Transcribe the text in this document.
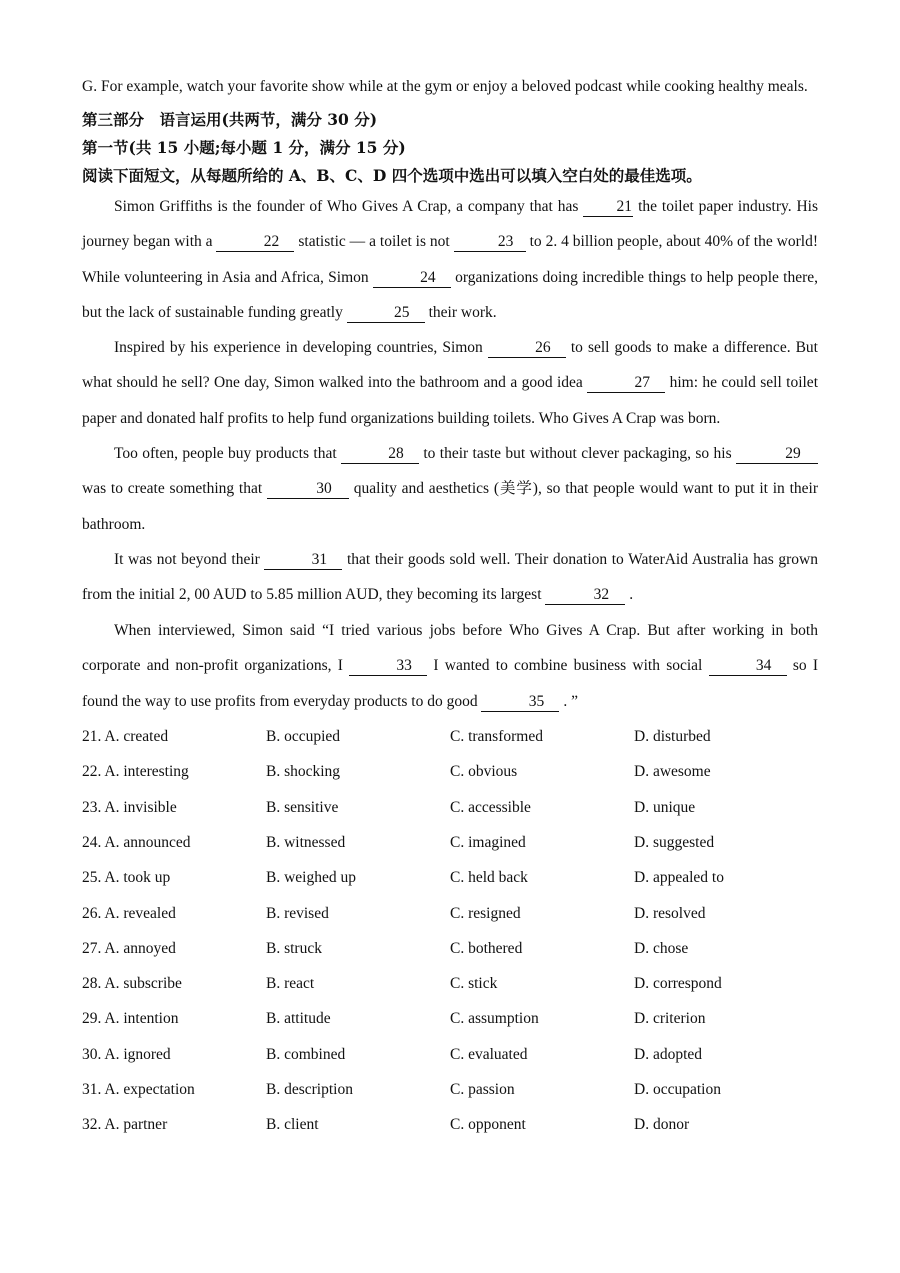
G. For example, watch your favorite show while at the gym or enjoy a beloved podcast while cooking healthy meals.
第三部分　语言运用(共两节，满分 30 分)
第一节(共 15 小题;每小题 1 分，满分 15 分)
阅读下面短文，从每题所给的 A、B、C、D 四个选项中选出可以填入空白处的最佳选项。
Simon Griffiths is the founder of Who Gives A Crap, a company that has 21 the toilet paper industry. His journey began with a	22 statistic — a toilet is not	23 to 2. 4 billion people, about 40% of the world! While volunteering in Asia and Africa, Simon	24 organizations doing incredible things to help people there, but the lack of sustainable funding greatly	25 their work.
Inspired by his experience in developing countries, Simon	26 to sell goods to make a difference. But what should he sell? One day, Simon walked into the bathroom and a good idea	27 him: he could sell toilet paper and donated half profits to help fund organizations building toilets. Who Gives A Crap was born.
Too often, people buy products that	28 to their taste but without clever packaging, so his	29 was to create something that	30 quality and aesthetics (美学), so that people would want to put it in their bathroom.
It was not beyond their	31 that their goods sold well. Their donation to WaterAid Australia has grown from the initial 2, 00 AUD to 5.85 million AUD, they becoming its largest	32 .
When interviewed, Simon said “I tried various jobs before Who Gives A Crap. But after working in both corporate and non-profit organizations, I	33 I wanted to combine business with social	34 so I found the way to use profits from everyday products to do good	35 . ”
21. A. created	B. occupied	C. transformed	D. disturbed
22. A. interesting	B. shocking	C. obvious	D. awesome
23. A. invisible	B. sensitive	C. accessible	D. unique
24. A. announced	B. witnessed	C. imagined	D. suggested
25. A. took up	B. weighed up	C. held back	D. appealed to
26. A. revealed	B. revised	C. resigned	D. resolved
27. A. annoyed	B. struck	C. bothered	D. chose
28. A. subscribe	B. react	C. stick	D. correspond
29. A. intention	B. attitude	C. assumption	D. criterion
30. A. ignored	B. combined	C. evaluated	D. adopted
31. A. expectation	B. description	C. passion	D. occupation
32. A. partner	B. client	C. opponent	D. donor
